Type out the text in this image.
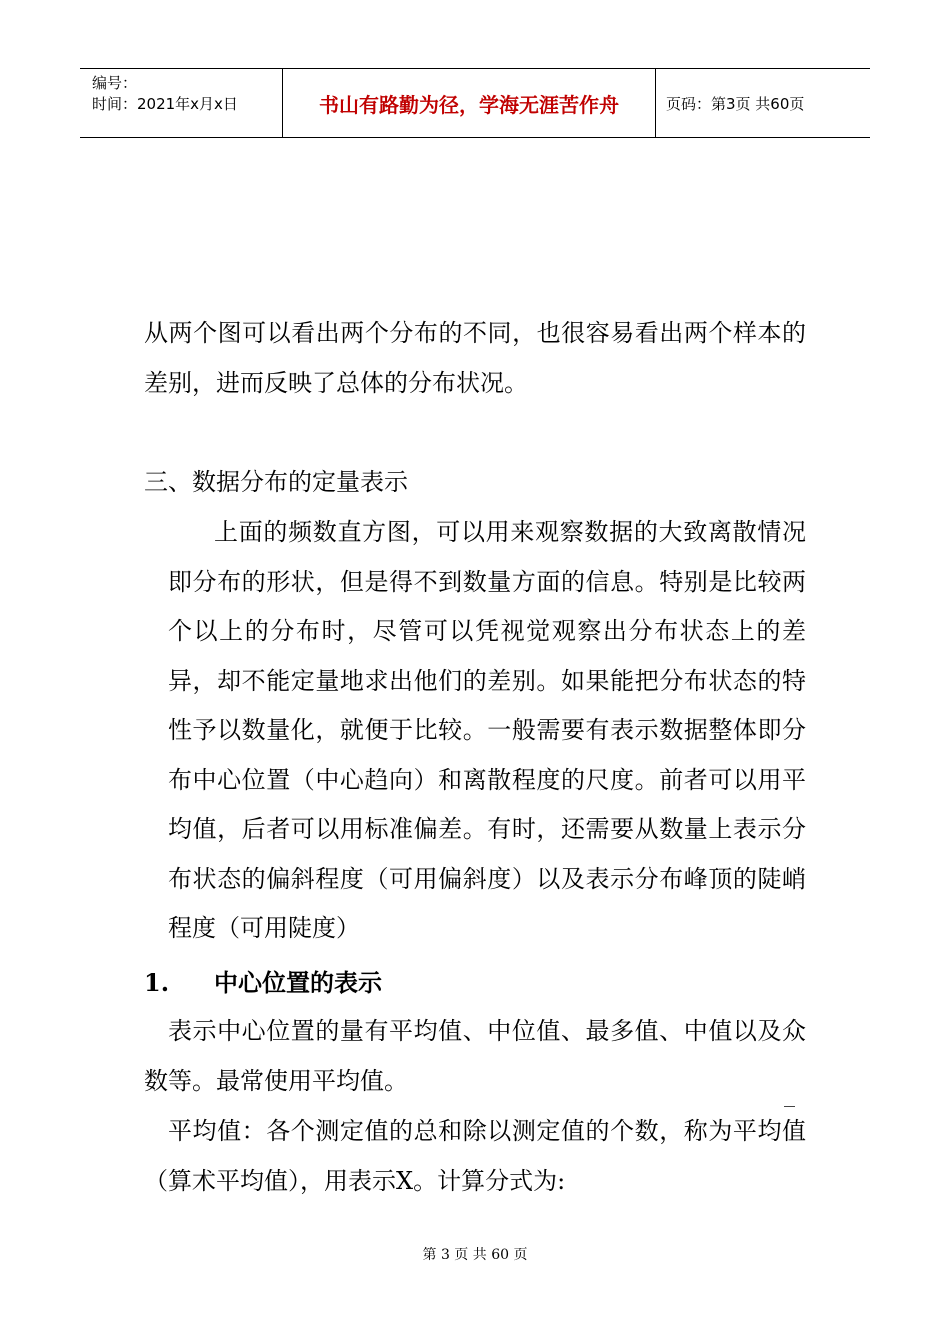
编号：
时间：2021年x月x日	书山有路勤为径，学海无涯苦作舟	页码：第3页 共60页

从两个图可以看出两个分布的不同，也很容易看出两个样本的差别，进而反映了总体的分布状况。

三、数据分布的定量表示

上面的频数直方图，可以用来观察数据的大致离散情况即分布的形状，但是得不到数量方面的信息。特别是比较两个以上的分布时，尽管可以凭视觉观察出分布状态上的差异，却不能定量地求出他们的差别。如果能把分布状态的特性予以数量化，就便于比较。一般需要有表示数据整体即分布中心位置（中心趋向）和离散程度的尺度。前者可以用平均值，后者可以用标准偏差。有时，还需要从数量上表示分布状态的偏斜程度（可用偏斜度）以及表示分布峰顶的陡峭程度（可用陡度）

1. 中心位置的表示

表示中心位置的量有平均值、中位值、最多值、中值以及众数等。最常使用平均值。

平均值：各个测定值的总和除以测定值的个数，称为平均值（算术平均值），用表示X。计算分式为:

第 3 页 共 60 页
